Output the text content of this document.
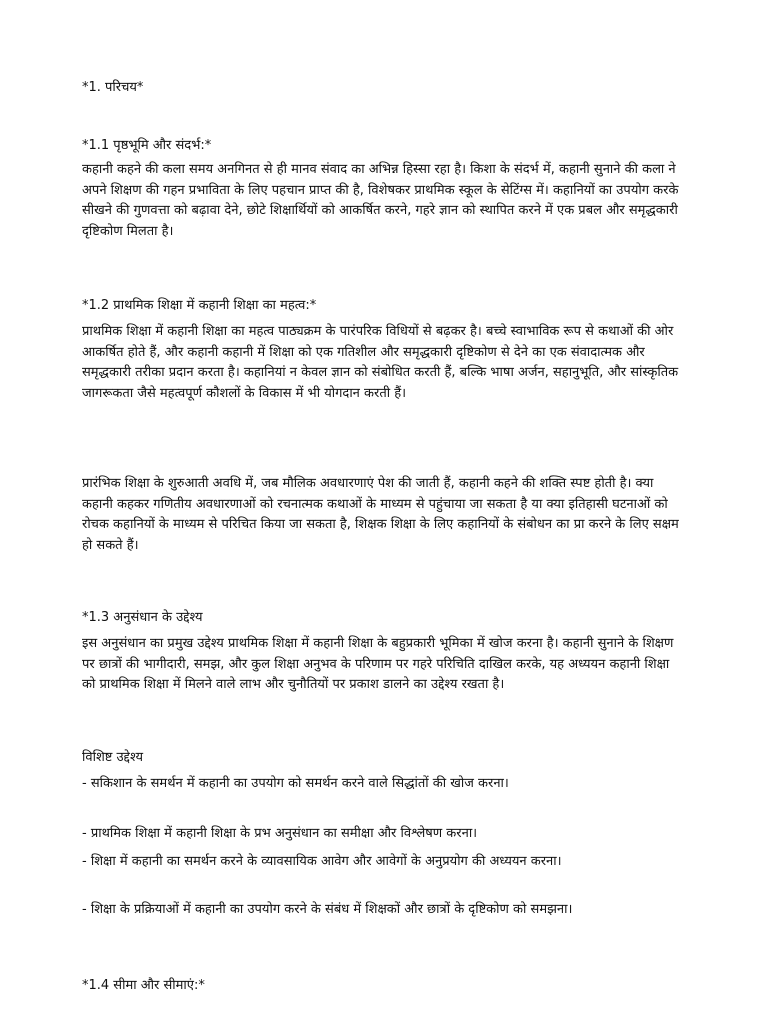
*1. परिचय*
*1.1 पृष्ठभूमि और संदर्भ:*

कहानी कहने की कला समय अनगिनत से ही मानव संवाद का अभिन्न हिस्सा रहा है। किशा के संदर्भ में, कहानी सुनाने की कला ने अपने शिक्षण की गहन प्रभाविता के लिए पहचान प्राप्त की है, विशेषकर प्राथमिक स्कूल के सेटिंग्स में। कहानियों का उपयोग करके सीखने की गुणवत्ता को बढ़ावा देने, छोटे शिक्षार्थियों को आकर्षित करने, गहरे ज्ञान को स्थापित करने में एक प्रबल और समृद्धकारी दृष्टिकोण मिलता है।

*1.2 प्राथमिक शिक्षा में कहानी शिक्षा का महत्व:*

प्राथमिक शिक्षा में कहानी शिक्षा का महत्व पाठ्यक्रम के पारंपरिक विधियों से बढ़कर है। बच्चे स्वाभाविक रूप से कथाओं की ओर आकर्षित होते हैं, और कहानी कहानी में शिक्षा को एक गतिशील और समृद्धकारी दृष्टिकोण से देने का एक संवादात्मक और समृद्धकारी तरीका प्रदान करता है। कहानियां न केवल ज्ञान को संबोधित करती हैं, बल्कि भाषा अर्जन, सहानुभूति, और सांस्कृतिक जागरूकता जैसे महत्वपूर्ण कौशलों के विकास में भी योगदान करती हैं।

प्रारंभिक शिक्षा के शुरुआती अवधि में, जब मौलिक अवधारणाएं पेश की जाती हैं, कहानी कहने की शक्ति स्पष्ट होती है। क्या कहानी कहकर गणितीय अवधारणाओं को रचनात्मक कथाओं के माध्यम से पहुंचाया जा सकता है या क्या इतिहासी घटनाओं को रोचक कहानियों के माध्यम से परिचित किया जा सकता है, शिक्षक शिक्षा के लिए कहानियों के संबोधन का प्रा करने के लिए सक्षम हो सकते हैं।

*1.3 अनुसंधान के उद्देश्य

इस अनुसंधान का प्रमुख उद्देश्य प्राथमिक शिक्षा में कहानी शिक्षा के बहुप्रकारी भूमिका में खोज करना है। कहानी सुनाने के शिक्षण पर छात्रों की भागीदारी, समझ, और कुल शिक्षा अनुभव के परिणाम पर गहरे परिचिति दाखिल करके, यह अध्ययन कहानी शिक्षा को प्राथमिक शिक्षा में मिलने वाले लाभ और चुनौतियों पर प्रकाश डालने का उद्देश्य रखता है।

विशिष्ट उद्देश्य

- सकिशान के समर्थन में कहानी का उपयोग को समर्थन करने वाले सिद्धांतों की खोज करना।

- प्राथमिक शिक्षा में कहानी शिक्षा के प्रभ अनुसंधान का समीक्षा और विश्लेषण करना।

- शिक्षा में कहानी का समर्थन करने के व्यावसायिक आवेग और आवेगों के अनुप्रयोग की अध्ययन करना।

- शिक्षा के प्रक्रियाओं में कहानी का उपयोग करने के संबंध में शिक्षकों और छात्रों के दृष्टिकोण को समझना।

*1.4 सीमा और सीमाएं:*
